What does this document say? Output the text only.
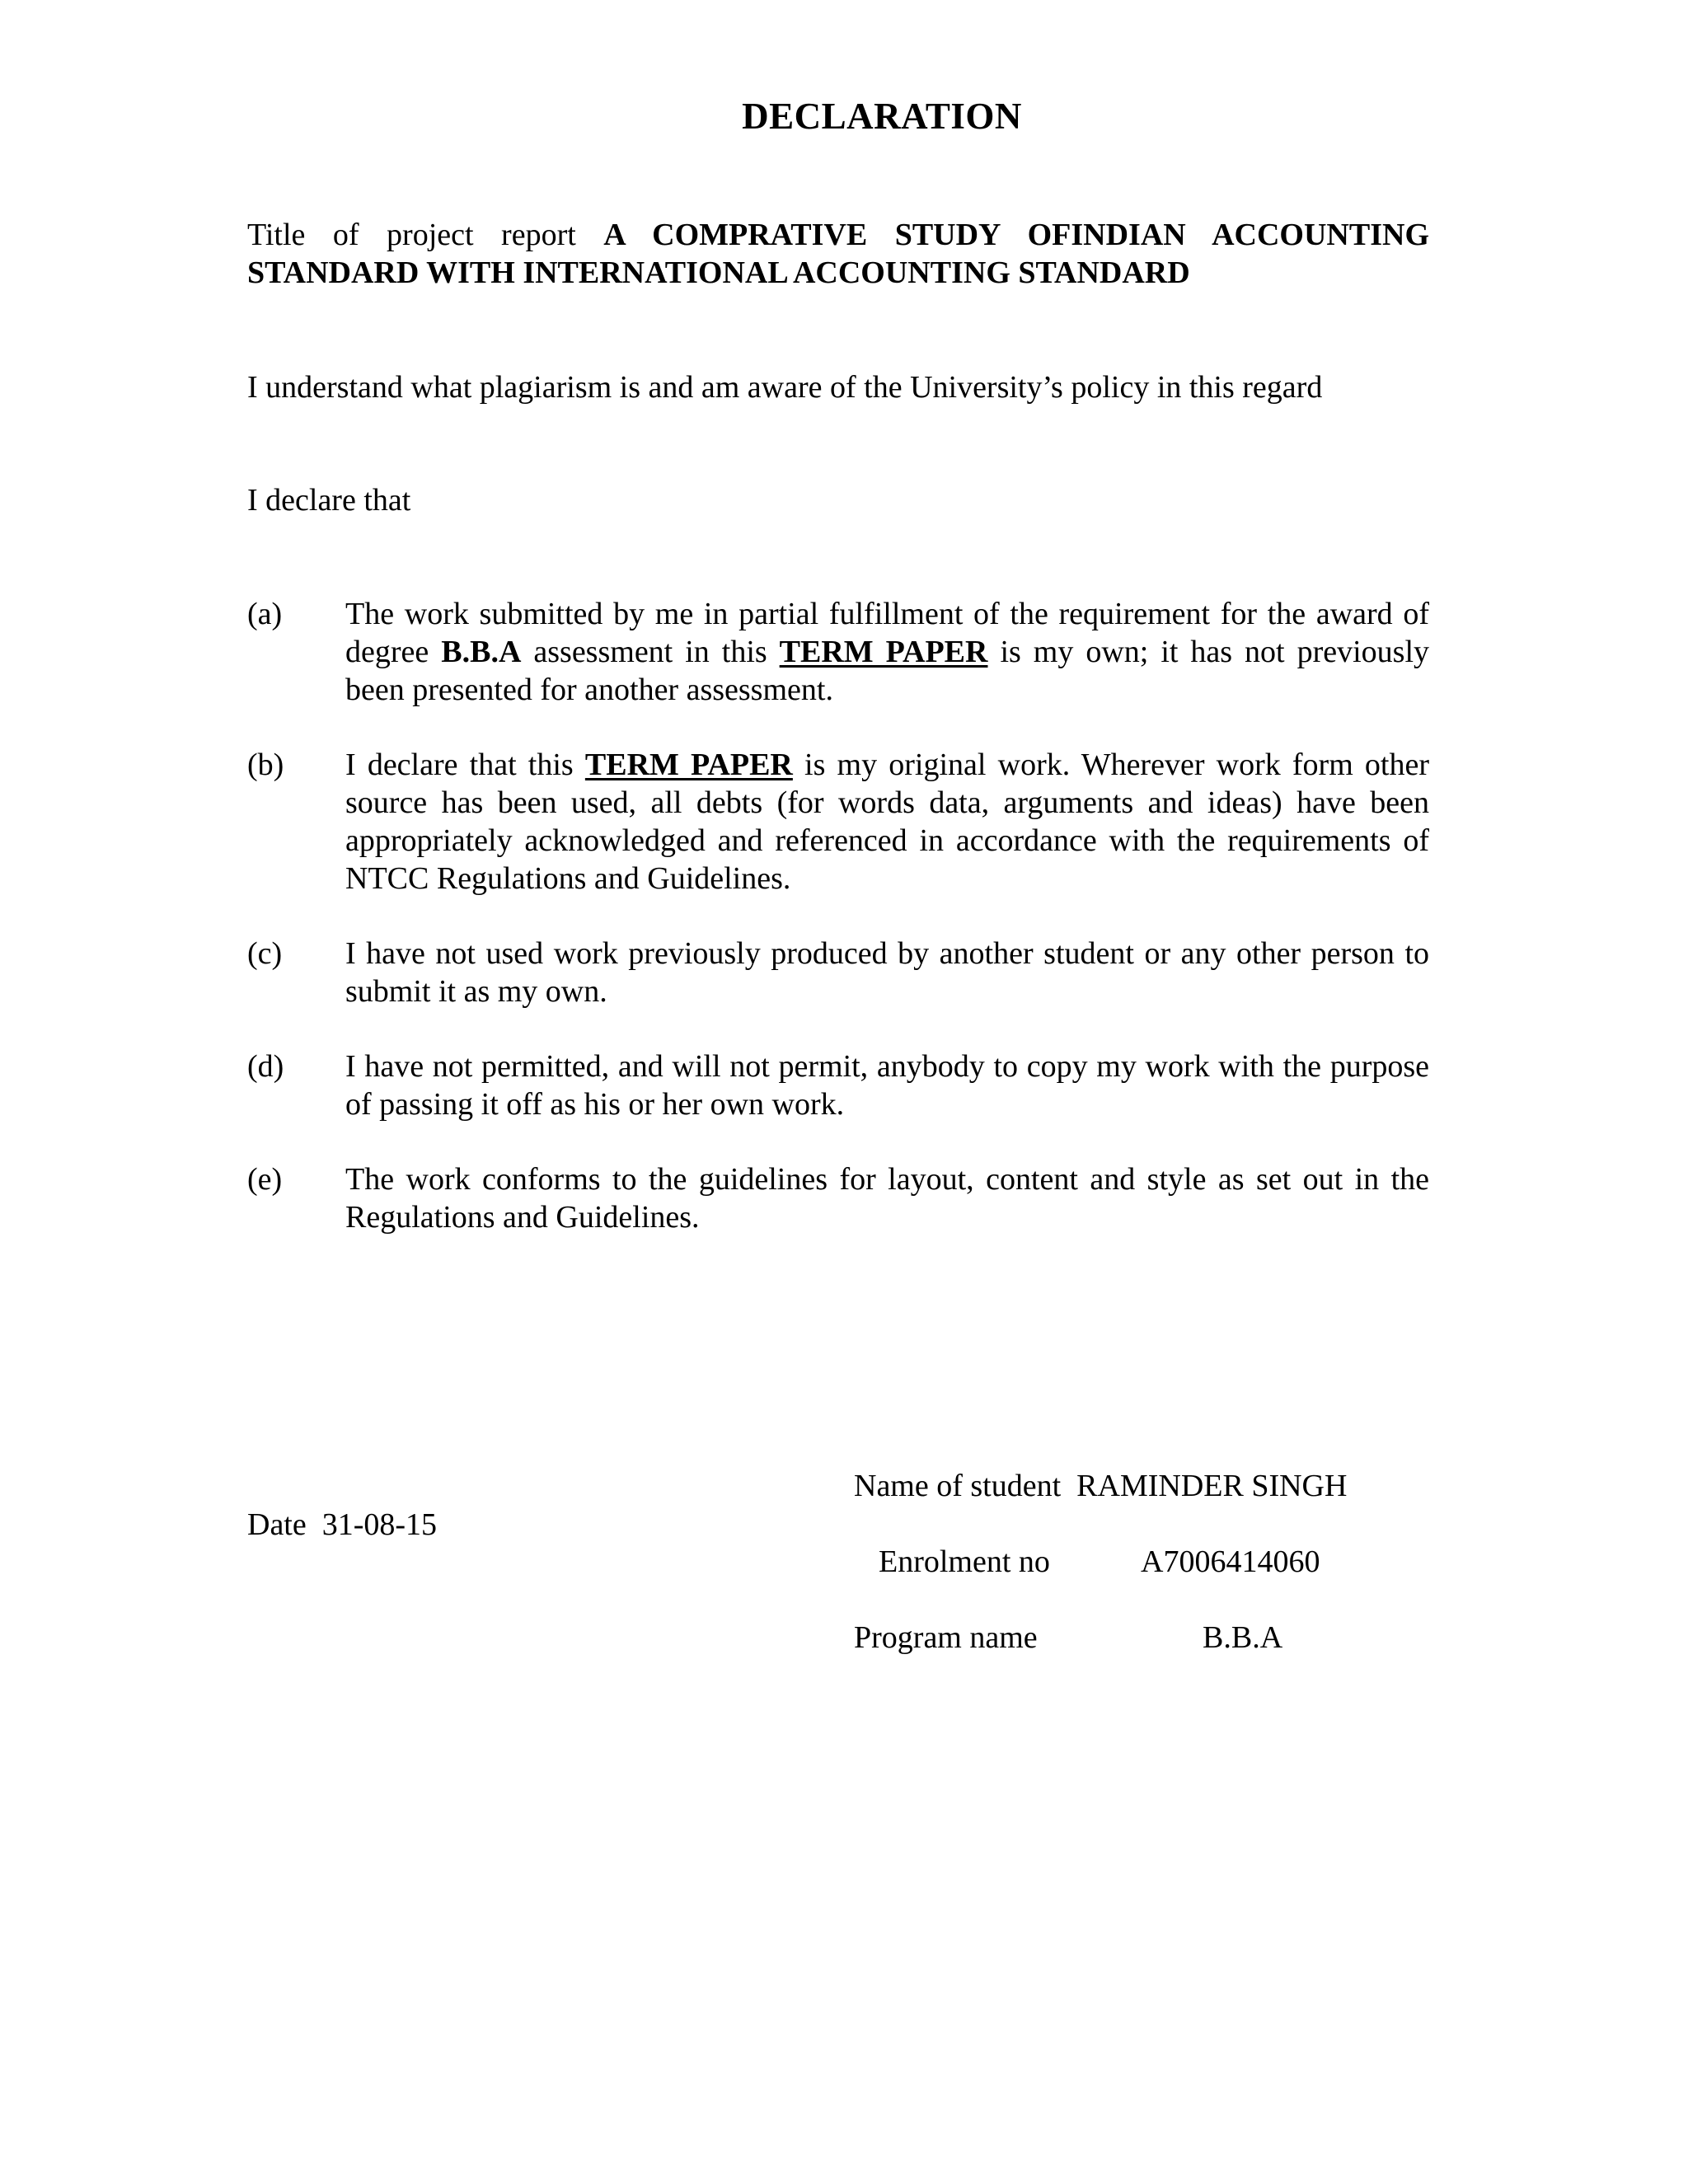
DECLARATION
Title of project report A COMPRATIVE STUDY OFINDIAN ACCOUNTING
STANDARD WITH INTERNATIONAL ACCOUNTING STANDARD
I understand what plagiarism is and am aware of the University’s policy in this regard
I declare that
(a) The work submitted by me in partial fulfillment of the requirement for the award of degree B.B.A assessment in this TERM PAPER is my own; it has not previously been presented for another assessment.
(b) I declare that this TERM PAPER is my original work. Wherever work form other source has been used, all debts (for words data, arguments and ideas) have been appropriately acknowledged and referenced in accordance with the requirements of NTCC Regulations and Guidelines.
(c) I have not used work previously produced by another student or any other person to submit it as my own.
(d) I have not permitted, and will not permit, anybody to copy my work with the purpose of passing it off as his or her own work.
(e) The work conforms to the guidelines for layout, content and style as set out in the Regulations and Guidelines.
Date 31-08-15
Name of student RAMINDER SINGH
Enrolment no	A7006414060
Program name	B.B.A
